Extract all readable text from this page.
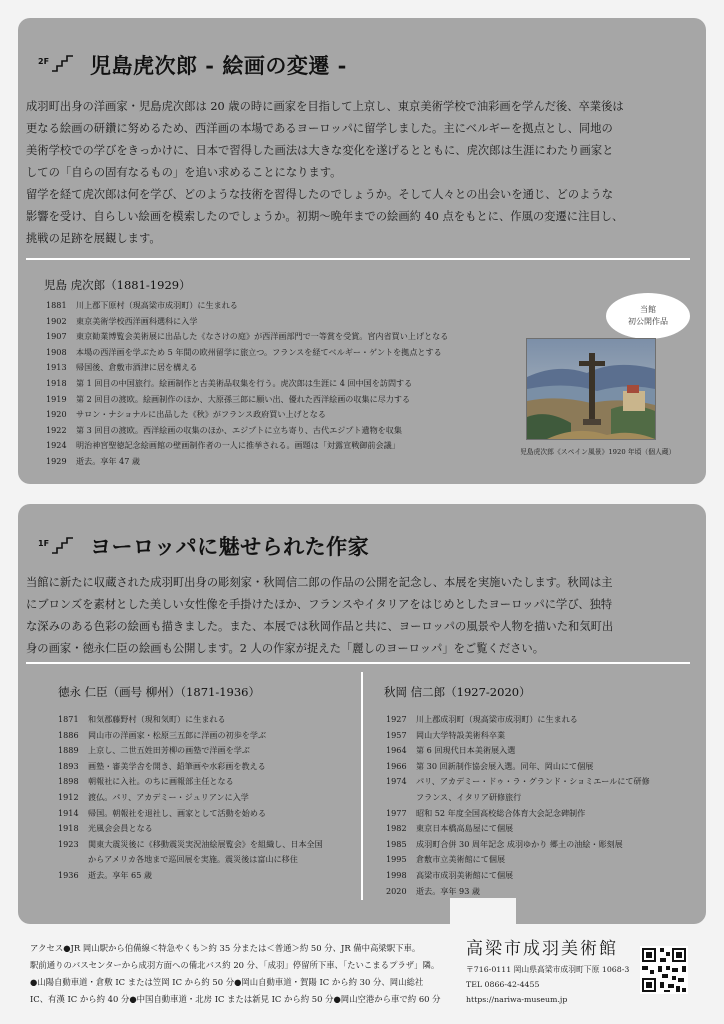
2F 児島虎次郎 - 絵画の変遷 -

成羽町出身の洋画家・児島虎次郎は 20 歳の時に画家を目指して上京し、東京美術学校で油彩画を学んだ後、卒業後は

更なる絵画の研鑽に努めるため、西洋画の本場であるヨーロッパに留学しました。主にベルギーを拠点とし、同地の

美術学校での学びをきっかけに、日本で習得した画法は大きな変化を遂げるとともに、虎次郎は生涯にわたり画家と

しての「自らの固有なるもの」を追い求めることになります。

留学を経て虎次郎は何を学び、どのような技術を習得したのでしょうか。そして人々との出会いを通じ、どのような

影響を受け、自らしい絵画を模索したのでしょうか。初期〜晩年までの絵画約 40 点をもとに、作風の変遷に注目し、

挑戦の足跡を展観します。

児島 虎次郎（1881-1929）
1881 川上郡下原村（現高梁市成羽町）に生まれる
1902 東京美術学校西洋画科選科に入学
1907 東京勧業博覧会美術展に出品した《なさけの庭》が西洋画部門で一等賞を受賞。宮内省買い上げとなる
1908 本場の西洋画を学ぶため 5 年間の欧州留学に旅立つ。フランスを経てベルギー・ゲントを拠点とする
1913 帰国後、倉敷市酒津に居を構える
1918 第 1 回目の中国旅行。絵画制作と古美術品収集を行う。虎次郎は生涯に 4 回中国を訪問する
1919 第 2 回目の渡欧。絵画制作のほか、大原孫三郎に願い出、優れた西洋絵画の収集に尽力する
1920 サロン・ナショナルに出品した《秋》がフランス政府買い上げとなる
1922 第 3 回目の渡欧。西洋絵画の収集のほか、エジプトに立ち寄り、古代エジプト遺物を収集
1924 明治神宮聖徳記念絵画館の壁画制作者の一人に推挙される。画題は「対露宣戦御前会議」
1929 逝去。享年 47 歳
当館
初公開作品
児島虎次郎《スペイン風景》1920 年頃（個人蔵）
1F ヨーロッパに魅せられた作家

当館に新たに収蔵された成羽町出身の彫刻家・秋岡信二郎の作品の公開を記念し、本展を実施いたします。秋岡は主

にブロンズを素材とした美しい女性像を手掛けたほか、フランスやイタリアをはじめとしたヨーロッパに学び、独特

な深みのある色彩の絵画も描きました。また、本展では秋岡作品と共に、ヨーロッパの風景や人物を描いた和気町出

身の画家・徳永仁臣の絵画も公開します。2 人の作家が捉えた「麗しのヨーロッパ」をご覧ください。

徳永 仁臣（画号 柳州）（1871-1936）
1871 和気郡藤野村（現和気町）に生まれる
1886 岡山市の洋画家・松原三五郎に洋画の初歩を学ぶ
1889 上京し、二世五姓田芳柳の画塾で洋画を学ぶ
1893 画塾・審美学舎を開き、鉛筆画や水彩画を教える
1898 朝報社に入社。のちに画報部主任となる
1912 渡仏。パリ、アカデミー・ジュリアンに入学
1914 帰国。朝報社を退社し、画家として活動を始める
1918 光風会会員となる
1923 関東大震災後に《移動震災実況油絵展覧会》を組織し、日本全国
からアメリカ各地まで巡回展を実施。震災後は富山に移住
1936 逝去。享年 65 歳
秋岡 信二郎（1927-2020）
1927 川上郡成羽町（現高梁市成羽町）に生まれる
1957 岡山大学特設美術科卒業
1964 第 6 回現代日本美術展入選
1966 第 30 回新制作協会展入選。同年、岡山にて個展
1974 パリ、アカデミー・ドゥ・ラ・グランド・ショミエールにて研修
フランス、イタリア研修旅行
1977 昭和 52 年度全国高校総合体育大会記念碑制作
1982 東京日本橋高島屋にて個展
1985 成羽町合併 30 周年記念 成羽ゆかり 郷土の油絵・彫刻展
1995 倉敷市立美術館にて個展
1998 高梁市成羽美術館にて個展
2020 逝去。享年 93 歳

アクセス●JR 岡山駅から伯備線＜特急やくも＞約 35 分または＜普通＞約 50 分、JR 備中高梁駅下車。

駅前通りのバスセンターから成羽方面への備北バス約 20 分、「成羽」停留所下車、「たいこまるプラザ」隣。

●山陽自動車道・倉敷 IC または笠岡 IC から約 50 分●岡山自動車道・賀陽 IC から約 30 分、岡山総社

IC、有漢 IC から約 40 分●中国自動車道・北房 IC または新見 IC から約 50 分●岡山空港から車で約 60 分

高梁市成羽美術館

〒716-0111 岡山県高梁市成羽町下原 1068-3

TEL 0866-42-4455

https://nariwa-museum.jp
